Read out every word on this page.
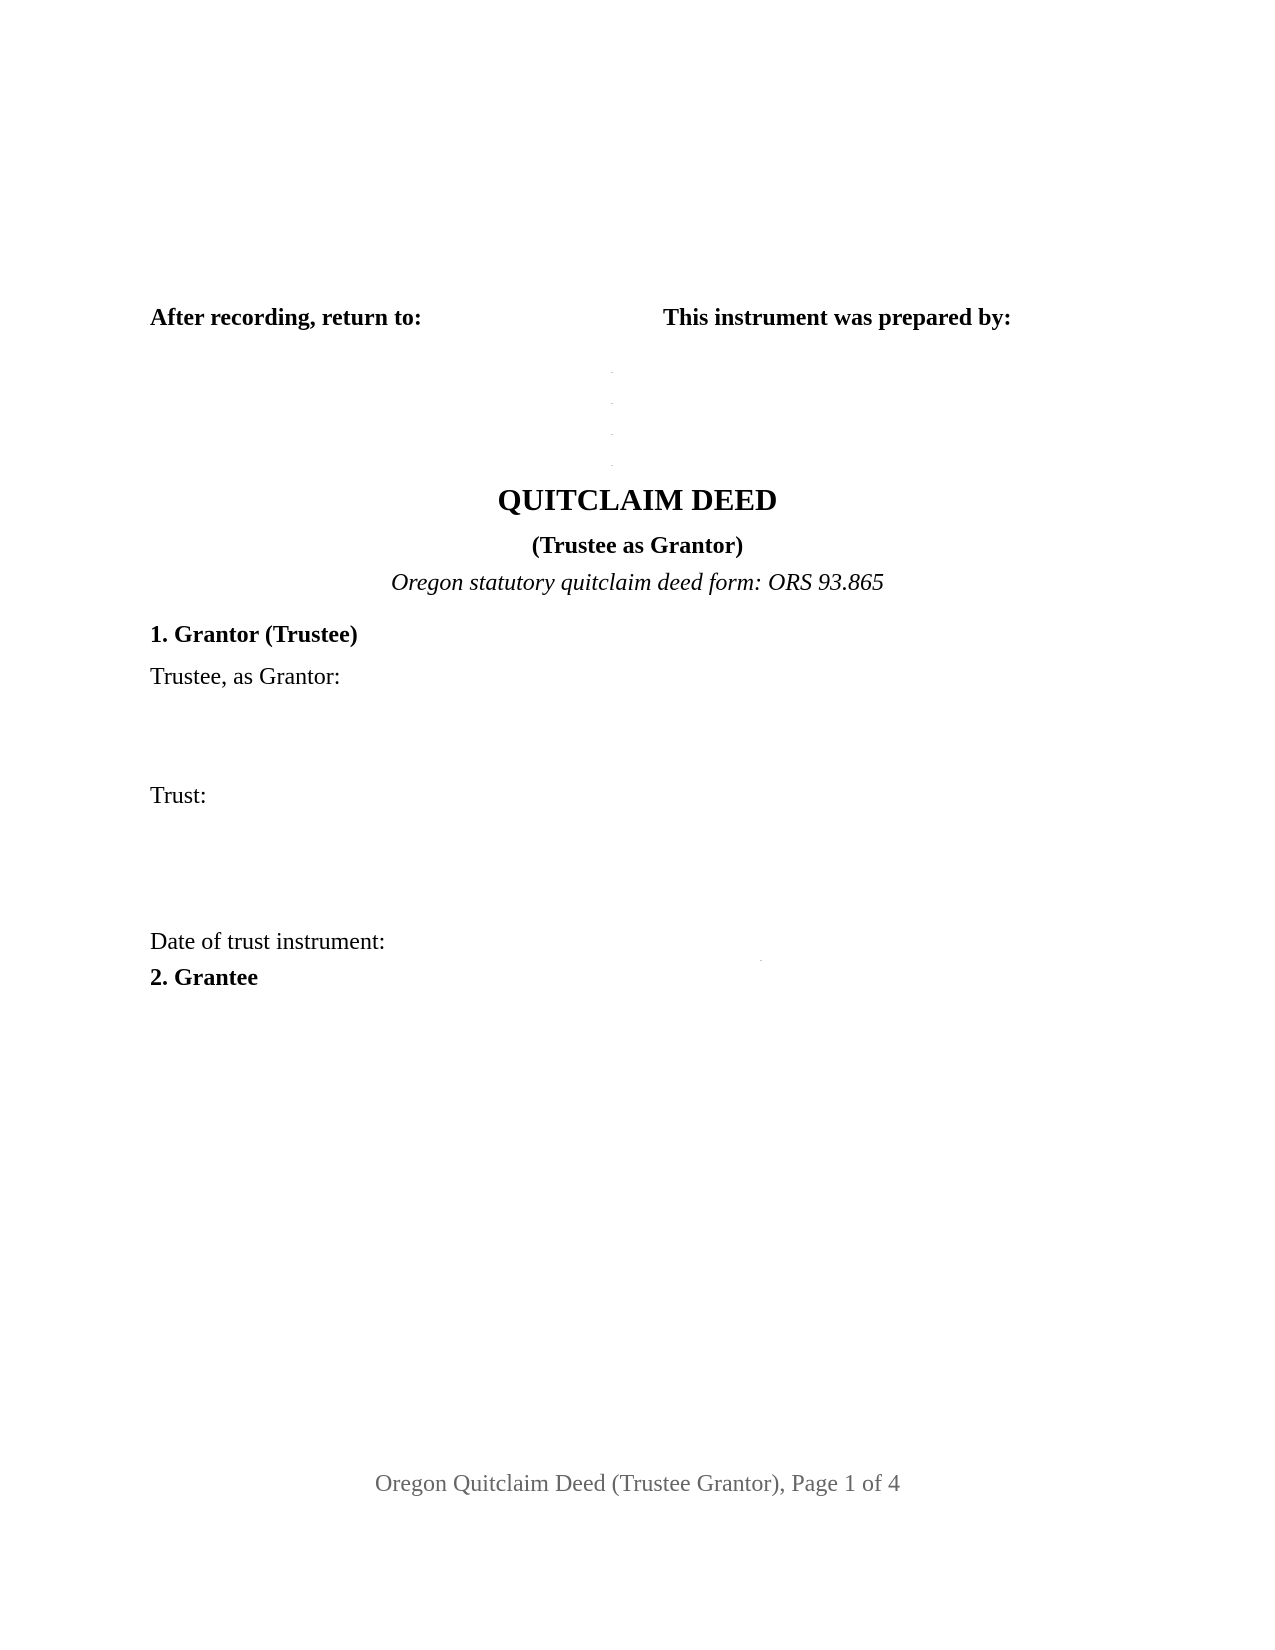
After recording, return to:	This instrument was prepared by:
QUITCLAIM DEED
(Trustee as Grantor)
Oregon statutory quitclaim deed form: ORS 93.865
1. Grantor (Trustee)
Trustee, as Grantor:
Trust:
Date of trust instrument:
2. Grantee
Oregon Quitclaim Deed (Trustee Grantor), Page 1 of 4
